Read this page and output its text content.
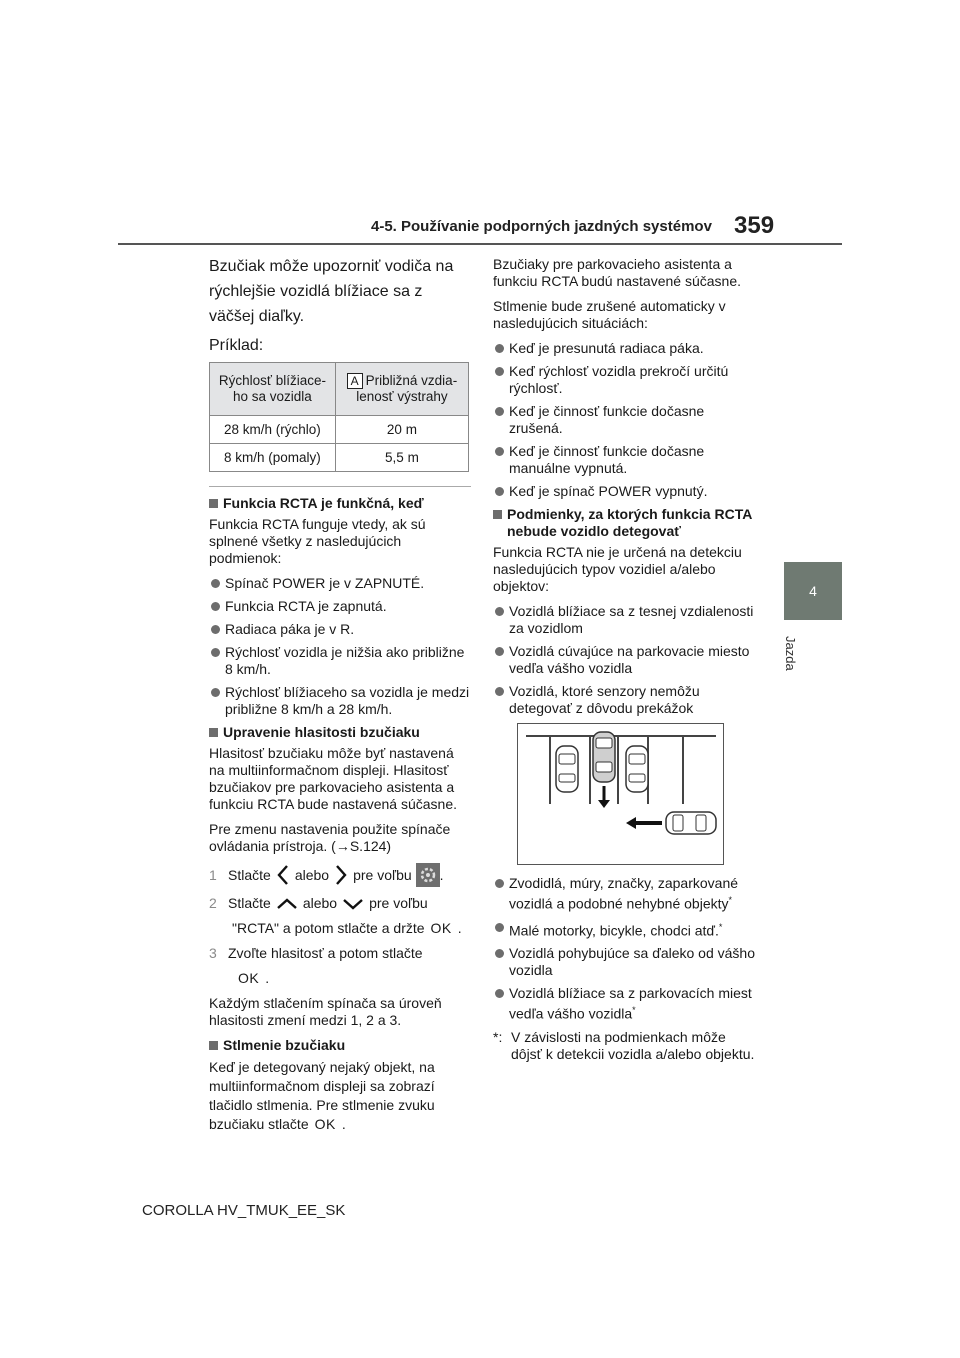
4-5. Používanie podporných jazdných systémov 359
4
Jazda

Bzučiak môže upozorniť vodiča na rýchlejšie vozidlá blížiace sa z väčšej diaľky.

Príklad:

Rýchlosť blížiace-ho sa vozidla	A Približná vzdia-lenosť výstrahy
28 km/h (rýchlo)	20 m
8 km/h (pomaly)	5,5 m
Funkcia RCTA je funkčná, keď

Funkcia RCTA funguje vtedy, ak sú splnené všetky z nasledujúcich podmienok:

Spínač POWER je v ZAPNUTÉ.
Funkcia RCTA je zapnutá.
Radiaca páka je v R.
Rýchlosť vozidla je nižšia ako približne 8 km/h.
Rýchlosť blížiaceho sa vozidla je medzi približne 8 km/h a 28 km/h.
Upravenie hlasitosti bzučiaku

Hlasitosť bzučiaku môže byť nastavená na multiinformačnom displeji. Hlasitosť bzučiakov pre parkovacieho asistenta a funkciu RCTA bude nastavená súčasne.

Pre zmenu nastavenia použite spínače ovládania prístroja. (→S.124)

1 Stlačte alebo pre voľbu .
2 Stlačte alebo pre voľbu

"RCTA" a potom stlačte a držte OK .

3 Zvoľte hlasitosť a potom stlačte

OK .

Každým stlačením spínača sa úroveň hlasitosti zmení medzi 1, 2 a 3.

Stlmenie bzučiaku

Keď je detegovaný nejaký objekt, na multiinformačnom displeji sa zobrazí tlačidlo stlmenia. Pre stlmenie zvuku bzučiaku stlačte OK .

Bzučiaky pre parkovacieho asistenta a funkciu RCTA budú nastavené súčasne.

Stlmenie bude zrušené automaticky v nasledujúcich situáciách:

Keď je presunutá radiaca páka.
Keď rýchlosť vozidla prekročí určitú rýchlosť.
Keď je činnosť funkcie dočasne zrušená.
Keď je činnosť funkcie dočasne manuálne vypnutá.
Keď je spínač POWER vypnutý.
Podmienky, za ktorých funkcia RCTA nebude vozidlo detegovať

Funkcia RCTA nie je určená na detekciu nasledujúcich typov vozidiel a/alebo objektov:

Vozidlá blížiace sa z tesnej vzdialenosti za vozidlom
Vozidlá cúvajúce na parkovacie miesto vedľa vášho vozidla
Vozidlá, ktoré senzory nemôžu detegovať z dôvodu prekážok
Zvodidlá, múry, značky, zaparkované vozidlá a podobné nehybné objekty*
Malé motorky, bicykle, chodci atď.*
Vozidlá pohybujúce sa ďaleko od vášho vozidla
Vozidlá blížiace sa z parkovacích miest vedľa vášho vozidla*
*: V závislosti na podmienkach môže dôjsť k detekcii vozidla a/alebo objektu.
COROLLA HV_TMUK_EE_SK
